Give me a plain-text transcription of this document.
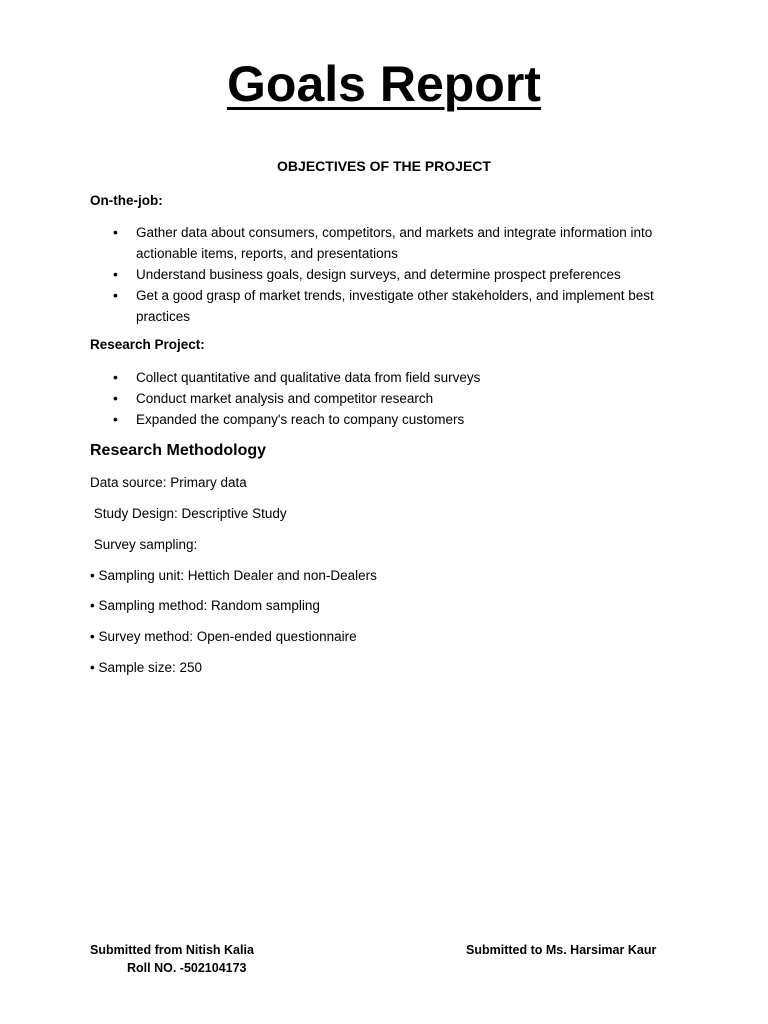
Goals Report
OBJECTIVES OF THE PROJECT
On-the-job:
• Gather data about consumers, competitors, and markets and integrate information into actionable items, reports, and presentations
• Understand business goals, design surveys, and determine prospect preferences
• Get a good grasp of market trends, investigate other stakeholders, and implement best practices
Research Project:
• Collect quantitative and qualitative data from field surveys
• Conduct market analysis and competitor research
• Expanded the company's reach to company customers
Research Methodology
Data source: Primary data
Study Design: Descriptive Study
Survey sampling:
• Sampling unit: Hettich Dealer and non-Dealers
• Sampling method: Random sampling
• Survey method: Open-ended questionnaire
• Sample size: 250
Submitted from Nitish Kalia
Roll NO. -502104173
Submitted to Ms. Harsimar Kaur
